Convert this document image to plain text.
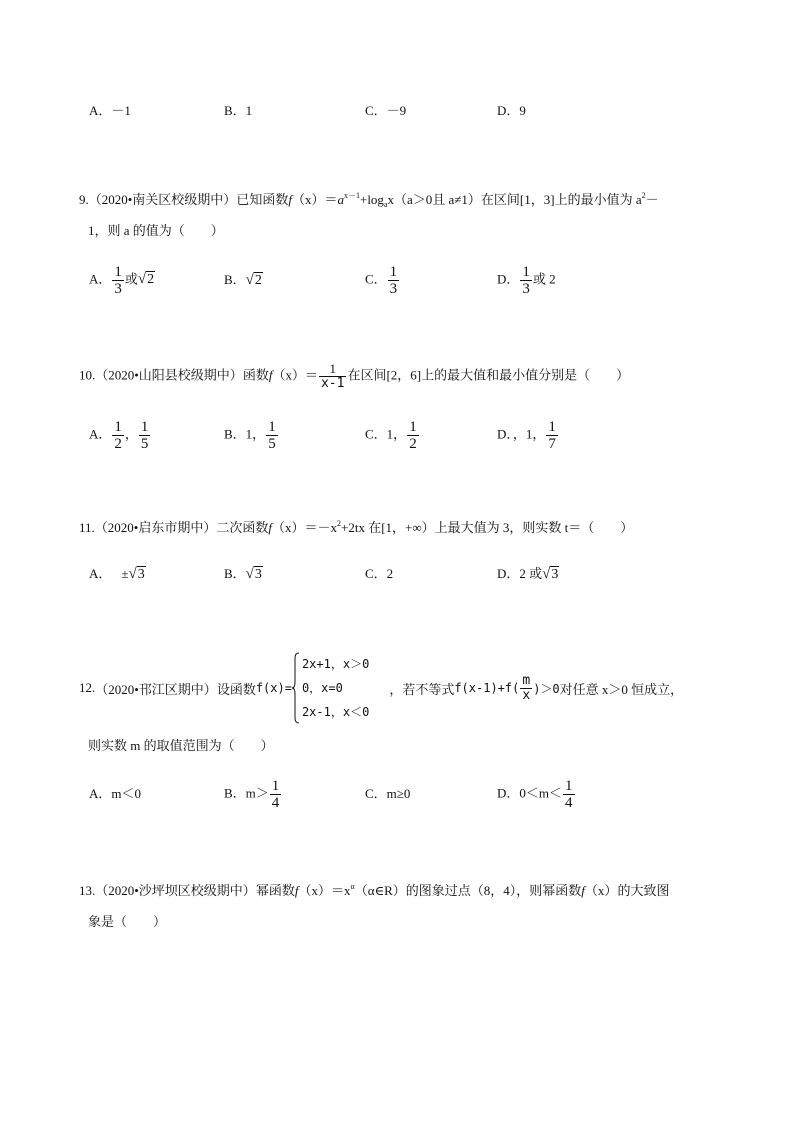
A．－1	B．1	C．－9	D．9
9.（2020•南关区校级期中）已知函数$f(x)=a^{x-1}+\log_ax(a>0$且 a≠1）在区间[1，3]上的最小值为 $a^2-$
1，则 a 的值为（　　）
A． $\frac{1}{3}$ 或√2	B．√2	C． $\frac{1}{3}$	D． $\frac{1}{3}$ 或 2
10.（2020•山阳县校级期中）函数$f(x)= \frac{1}{x-1}$ 在区间[2，6]上的最大值和最小值分别是（　　）
A． $\frac{1}{2}$ ， $\frac{1}{5}$	B．1， $\frac{1}{5}$	C．1， $\frac{1}{2}$	D．，1， $\frac{1}{7}$
11.（2020•启东市期中）二次函数$f(x)=-x^2+2tx$ 在[1，+∞）上最大值为 3，则实数 t＝（　　）
A． ±√3	B．√3	C．2	D．2 或√3
12. （2020•邗江区期中） 设函数 f(x)=
2x+1，x＞0
0，x=0
2x-1，x＜0
，若不等式 $f(x-1)+f( \frac{m}{x} )>0$ 对任意 x＞0 恒成立，
则实数 m 的取值范围为（　　）
A．m＜0	B．$m> \frac{1}{4}$	C．m≥0	D．$0<m< \frac{1}{4}$
13.（2020•沙坪坝区校级期中）幂函数$f(x)=x^\alpha(\alpha\in R)$的图象过点（8，4），则幂函数f（x）的大致图
象是（　　）
